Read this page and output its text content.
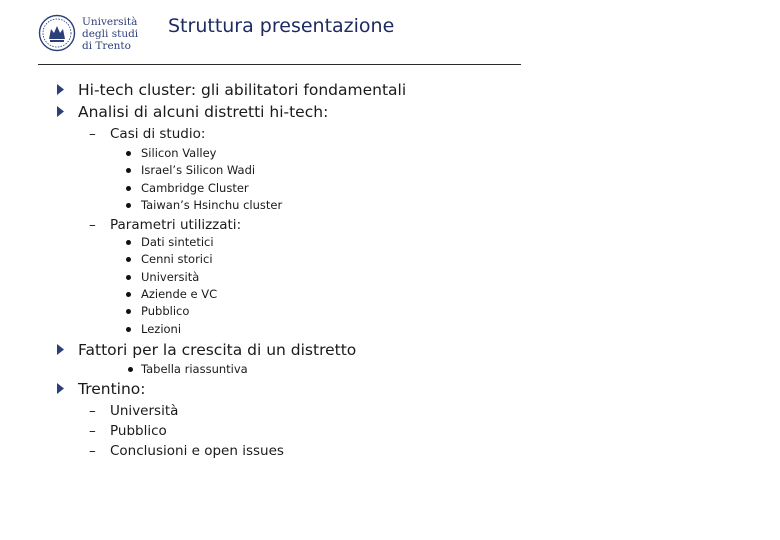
Università
degli studi
di Trento
Struttura presentazione
Hi-tech cluster: gli abilitatori fondamentali
Analisi di alcuni distretti hi-tech:
– Casi di studio:
Silicon Valley
Israel’s Silicon Wadi
Cambridge Cluster
Taiwan’s Hsinchu cluster
– Parametri utilizzati:
Dati sintetici
Cenni storici
Università
Aziende e VC
Pubblico
Lezioni
Fattori per la crescita di un distretto
Tabella riassuntiva
Trentino:
– Università
– Pubblico
– Conclusioni e open issues
